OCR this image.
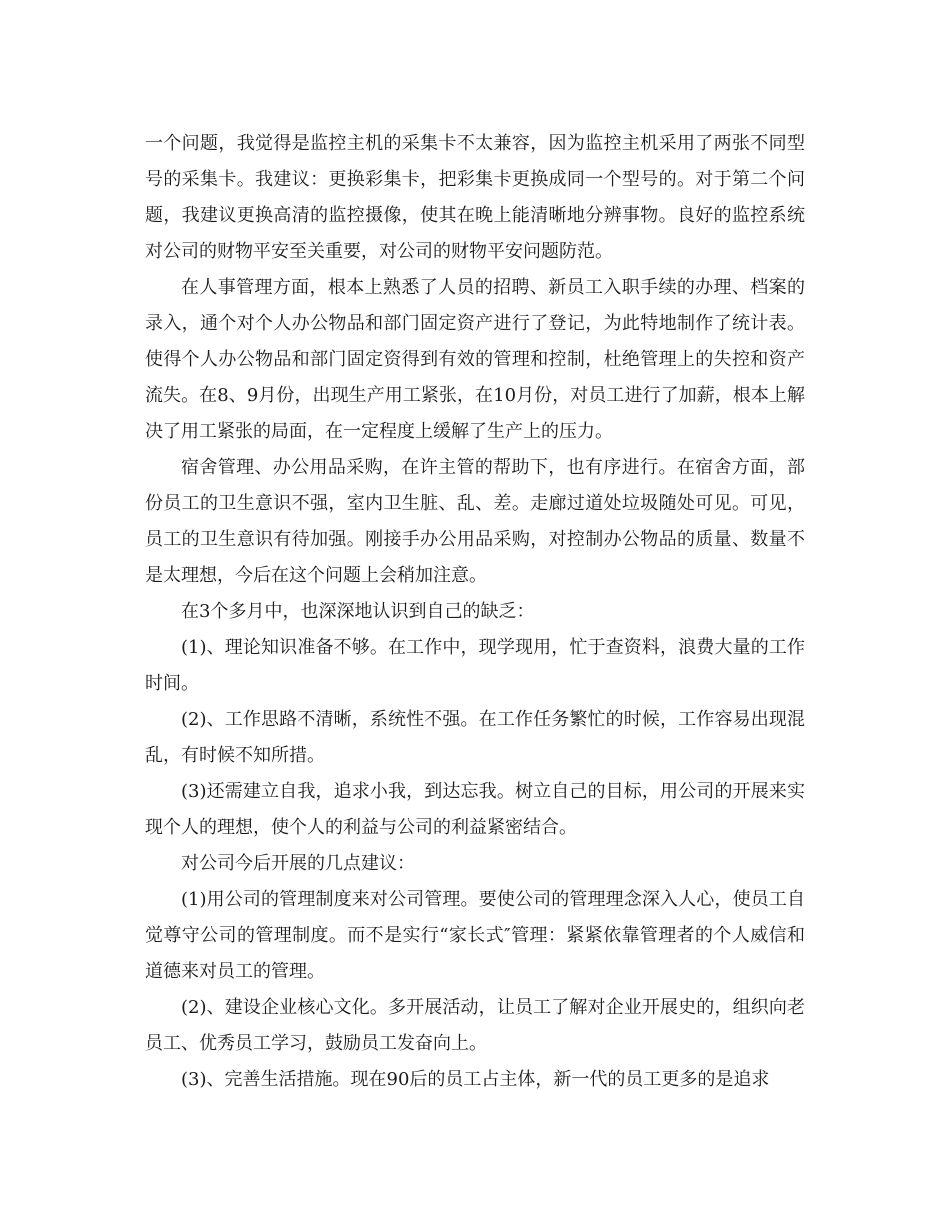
一个问题，我觉得是监控主机的采集卡不太兼容，因为监控主机采用了两张不同型号的采集卡。我建议：更换彩集卡，把彩集卡更换成同一个型号的。对于第二个问题，我建议更换高清的监控摄像，使其在晚上能清晰地分辨事物。良好的监控系统对公司的财物平安至关重要，对公司的财物平安问题防范。

在人事管理方面，根本上熟悉了人员的招聘、新员工入职手续的办理、档案的录入，通个对个人办公物品和部门固定资产进行了登记，为此特地制作了统计表。使得个人办公物品和部门固定资得到有效的管理和控制，杜绝管理上的失控和资产流失。在8、9月份，出现生产用工紧张，在10月份，对员工进行了加薪，根本上解决了用工紧张的局面，在一定程度上缓解了生产上的压力。

宿舍管理、办公用品采购，在许主管的帮助下，也有序进行。在宿舍方面，部份员工的卫生意识不强，室内卫生脏、乱、差。走廊过道处垃圾随处可见。可见，员工的卫生意识有待加强。刚接手办公用品采购，对控制办公物品的质量、数量不是太理想，今后在这个问题上会稍加注意。

在3个多月中，也深深地认识到自己的缺乏：

(1)、理论知识准备不够。在工作中，现学现用，忙于查资料，浪费大量的工作时间。

(2)、工作思路不清晰，系统性不强。在工作任务繁忙的时候，工作容易出现混乱，有时候不知所措。

(3)还需建立自我，追求小我，到达忘我。树立自己的目标，用公司的开展来实现个人的理想，使个人的利益与公司的利益紧密结合。

对公司今后开展的几点建议：

(1)用公司的管理制度来对公司管理。要使公司的管理理念深入人心，使员工自觉尊守公司的管理制度。而不是实行“家长式″管理：紧紧依靠管理者的个人威信和道德来对员工的管理。

(2)、建设企业核心文化。多开展活动，让员工了解对企业开展史的，组织向老员工、优秀员工学习，鼓励员工发奋向上。

(3)、完善生活措施。现在90后的员工占主体，新一代的员工更多的是追求
